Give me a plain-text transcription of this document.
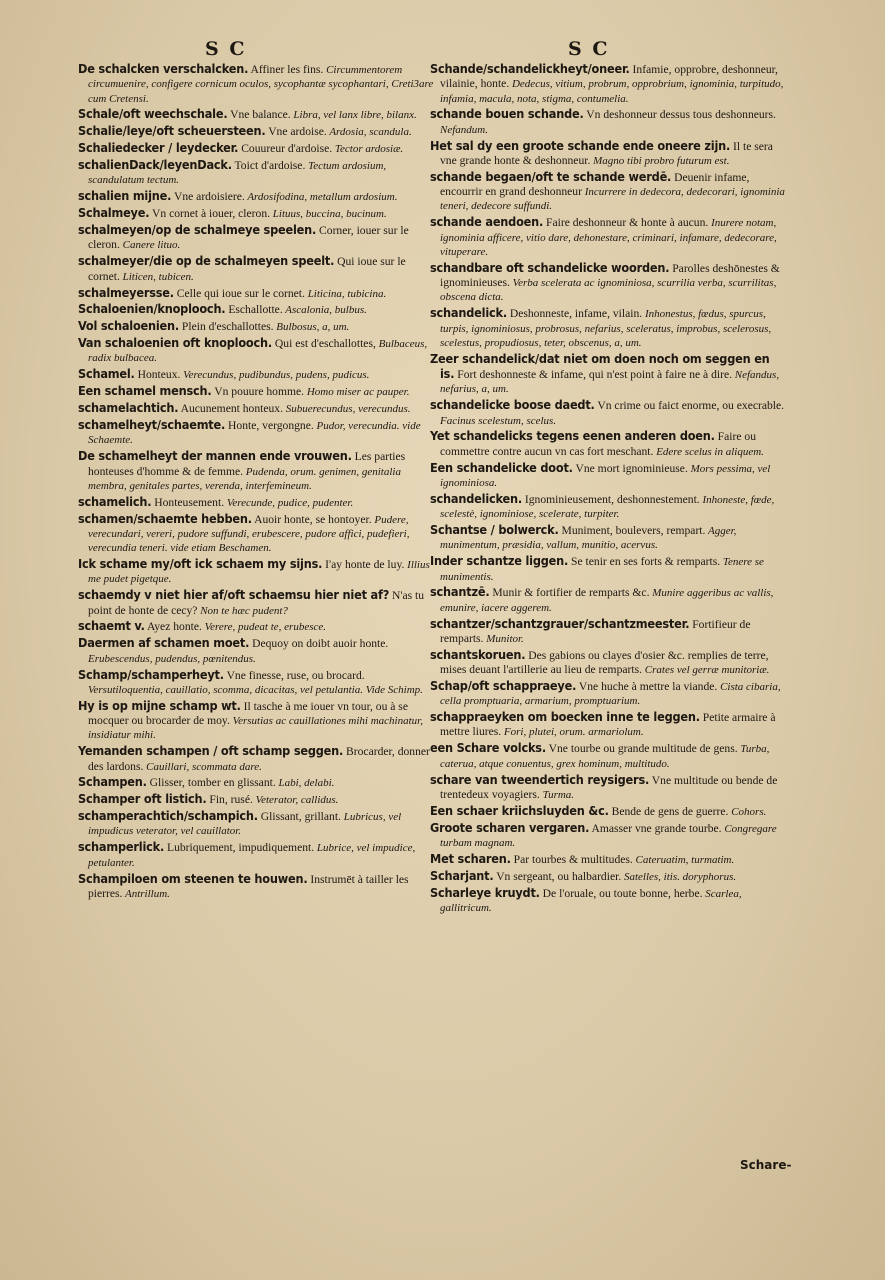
S C	S C

De schalcken verschalcken. Affiner les fins. Circummentorem circumuenire, configere cornicum oculos, sycophantæ sycophantari, Creti3are cum Cretensi.

Schale/oft weechschale. Vne balance. Libra, vel lanx libre, bilanx.

Schalie/leye/oft scheuersteen. Vne ardoise. Ardosia, scandula.

Schaliedecker / leydecker. Couureur d'ardoise. Tector ardosiæ.

schalienDack/leyenDack. Toict d'ardoise. Tectum ardosium, scandulatum tectum.

schalien mijne. Vne ardoisiere. Ardosifodina, metallum ardosium.

Schalmeye. Vn cornet à iouer, cleron. Lituus, buccina, bucinum.

schalmeyen/op de schalmeye speelen. Corner, iouer sur le cleron. Canere lituo.

schalmeyer/die op de schalmeyen speelt. Qui ioue sur le cornet. Liticen, tubicen.

schalmeyersse. Celle qui ioue sur le cornet. Liticina, tubicina.

Schaloenien/knoplooch. Eschallotte. Ascalonia, bulbus.

Vol schaloenien. Plein d'eschallottes. Bulbosus, a, um.

Van schaloenien oft knoplooch. Qui est d'eschallottes, Bulbaceus, radix bulbacea.

Schamel. Honteux. Verecundus, pudibundus, pudens, pudicus.

Een schamel mensch. Vn pouure homme. Homo miser ac pauper.

schamelachtich. Aucunement honteux. Subuerecundus, verecundus.

schamelheyt/schaemte. Honte, vergongne. Pudor, verecundia. vide Schaemte.

De schamelheyt der mannen ende vrouwen. Les parties honteuses d'homme & de femme. Pudenda, orum. genimen, genitalia membra, genitales partes, verenda, interfemineum.

schamelich. Honteusement. Verecunde, pudice, pudenter.

schamen/schaemte hebben. Auoir honte, se hontoyer. Pudere, verecundari, vereri, pudore suffundi, erubescere, pudore affici, pudefieri, verecundia teneri. vide etiam Beschamen.

Ick schame my/oft ick schaem my sijns. I'ay honte de luy. Illius me pudet pigetque.

schaemdy v niet hier af/oft schaemsu hier niet af? N'as tu point de honte de cecy? Non te hæc pudent?

schaemt v. Ayez honte. Verere, pudeat te, erubesce.

Daermen af schamen moet. Dequoy on doibt auoir honte. Erubescendus, pudendus, pœnitendus.

Schamp/schamperheyt. Vne finesse, ruse, ou brocard. Versutiloquentia, cauillatio, scomma, dicacitas, vel petulantia. Vide Schimp.

Hy is op mijne schamp wt. Il tasche à me iouer vn tour, ou à se mocquer ou brocarder de moy. Versutias ac cauillationes mihi machinatur, insidiatur mihi.

Yemanden schampen / oft schamp seggen. Brocarder, donner des lardons. Cauillari, scommata dare.

Schampen. Glisser, tomber en glissant. Labi, delabi.

Schamper oft listich. Fin, rusé. Veterator, callidus.

schamperachtich/schampich. Glissant, grillant. Lubricus, vel impudicus veterator, vel cauillator.

schamperlick. Lubriquement, impudiquement. Lubrice, vel impudice, petulanter.

Schampiloen om steenen te houwen. Instrumēt à tailler les pierres. Antrillum.

Schande/schandelickheyt/oneer. Infamie, opprobre, deshonneur, vilainie, honte. Dedecus, vitium, probrum, opprobrium, ignominia, turpitudo, infamia, macula, nota, stigma, contumelia.

schande bouen schande. Vn deshonneur dessus tous deshonneurs. Nefandum.

Het sal dy een groote schande ende oneere zijn. Il te sera vne grande honte & deshonneur. Magno tibi probro futurum est.

schande begaen/oft te schande werdē. Deuenir infame, encourrir en grand deshonneur Incurrere in dedecora, dedecorari, ignominia teneri, dedecore suffundi.

schande aendoen. Faire deshonneur & honte à aucun. Inurere notam, ignominia afficere, vitio dare, dehonestare, criminari, infamare, dedecorare, vituperare.

schandbare oft schandelicke woorden. Parolles deshōnestes & ignominieuses. Verba scelerata ac ignominiosa, scurrilia verba, scurrilitas, obscena dicta.

schandelick. Deshonneste, infame, vilain. Inhonestus, fœdus, spurcus, turpis, ignominiosus, probrosus, nefarius, sceleratus, improbus, scelerosus, scelestus, propudiosus, teter, obscenus, a, um.

Zeer schandelick/dat niet om doen noch om seggen en is. Fort deshonneste & infame, qui n'est point à faire ne à dire. Nefandus, nefarius, a, um.

schandelicke boose daedt. Vn crime ou faict enorme, ou execrable. Facinus scelestum, scelus.

Yet schandelicks tegens eenen anderen doen. Faire ou commettre contre aucun vn cas fort meschant. Edere scelus in aliquem.

Een schandelicke doot. Vne mort ignominieuse. Mors pessima, vel ignominiosa.

schandelicken. Ignominieusement, deshonnestement. Inhoneste, fœde, scelestè, ignominiose, scelerate, turpiter.

Schantse / bolwerck. Muniment, boulevers, rempart. Agger, munimentum, præsidia, vallum, munitio, acervus.

Inder schantze liggen. Se tenir en ses forts & remparts. Tenere se munimentis.

schantzē. Munir & fortifier de remparts &c. Munire aggeribus ac vallis, emunire, iacere aggerem.

schantzer/schantzgrauer/schantzmeester. Fortifieur de remparts. Munitor.

schantskoruen. Des gabions ou clayes d'osier &c. remplies de terre, mises deuant l'artillerie au lieu de remparts. Crates vel gerræ munitoriæ.

Schap/oft schappraeye. Vne huche à mettre la viande. Cista cibaria, cella promptuaria, armarium, promptuarium.

schappraeyken om boecken inne te leggen. Petite armaire à mettre liures. Fori, plutei, orum. armariolum.

een Schare volcks. Vne tourbe ou grande multitude de gens. Turba, caterua, atque conuentus, grex hominum, multitudo.

schare van tweendertich reysigers. Vne multitude ou bende de trentedeux voyagiers. Turma.

Een schaer kriichsluyden &c. Bende de gens de guerre. Cohors.

Groote scharen vergaren. Amasser vne grande tourbe. Congregare turbam magnam.

Met scharen. Par tourbes & multitudes. Cateruatim, turmatim.

Scharjant. Vn sergeant, ou halbardier. Satelles, itis. doryphorus.

Scharleye kruydt. De l'oruale, ou toute bonne, herbe. Scarlea, gallitricum.

Schare-
